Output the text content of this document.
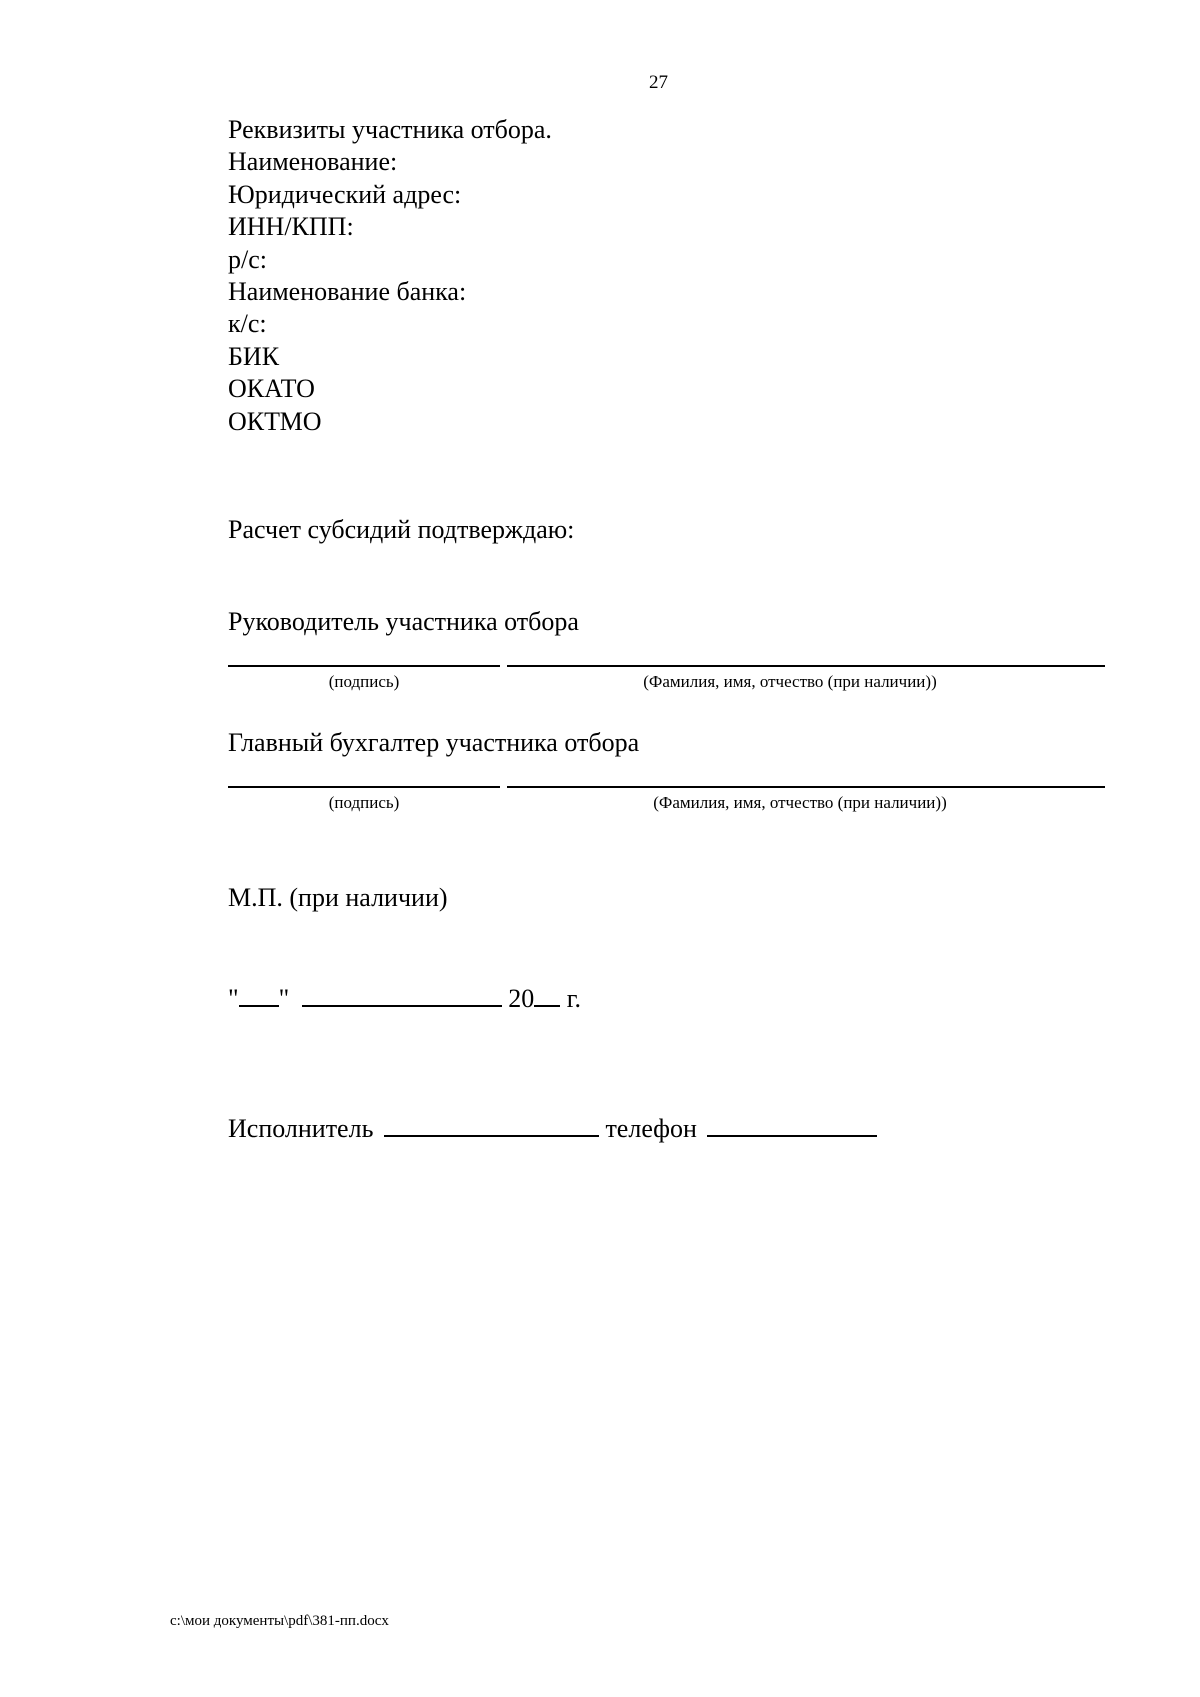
27
Реквизиты участника отбора.
Наименование:
Юридический адрес:
ИНН/КПП:
р/с:
Наименование банка:
к/с:
БИК
ОКАТО
ОКТМО
Расчет субсидий подтверждаю:
Руководитель участника отбора
(подпись)	(Фамилия, имя, отчество (при наличии))
Главный бухгалтер участника отбора
(подпись)	(Фамилия, имя, отчество (при наличии))
М.П. (при наличии)
" "	20 г.
Исполнитель	телефон
c:\мои документы\pdf\381-пп.docx
